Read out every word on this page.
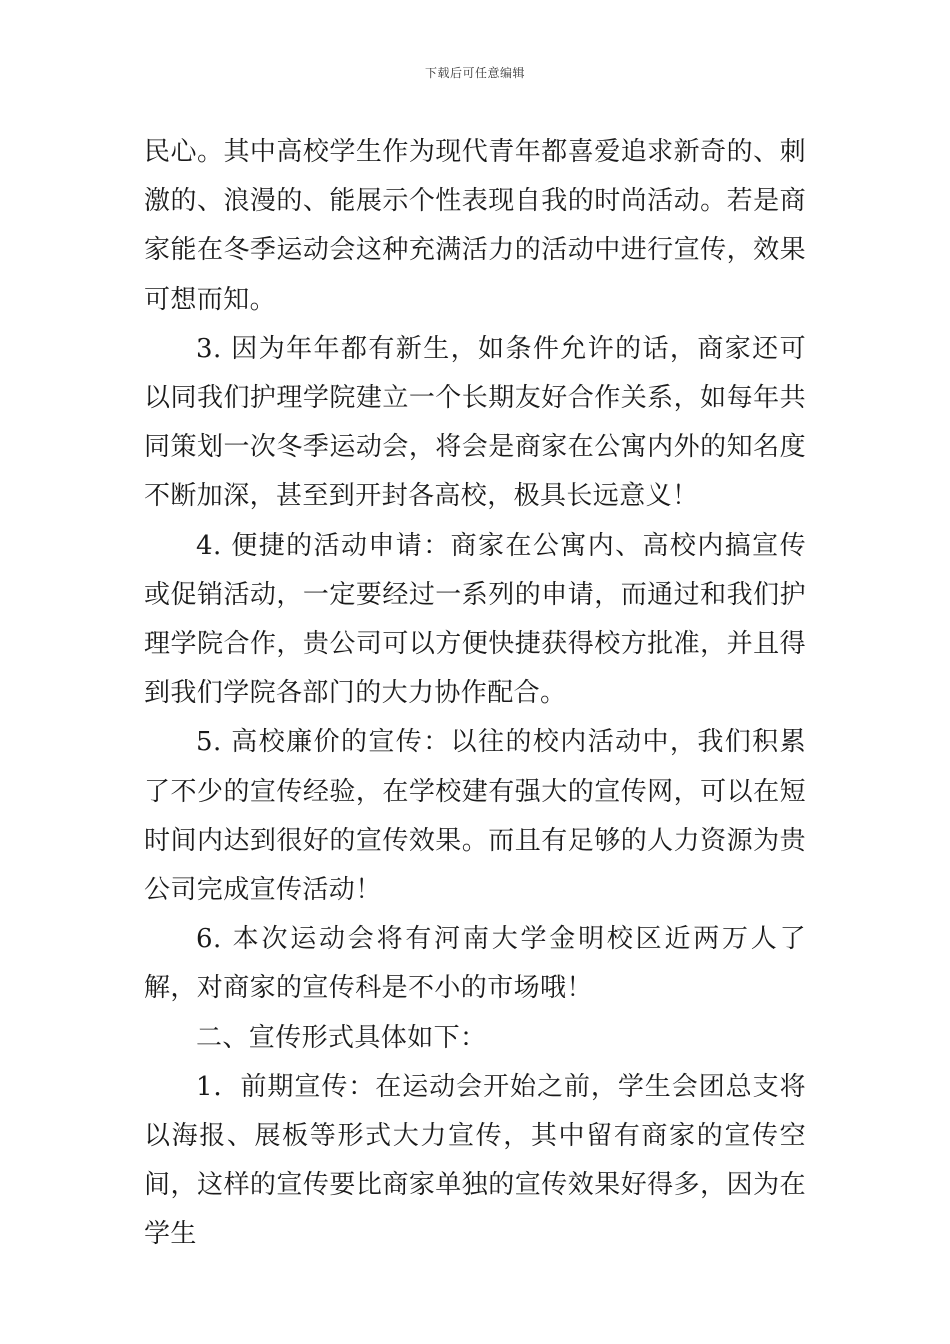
下载后可任意编辑

民心。其中高校学生作为现代青年都喜爱追求新奇的、刺激的、浪漫的、能展示个性表现自我的时尚活动。若是商家能在冬季运动会这种充满活力的活动中进行宣传，效果可想而知。

3. 因为年年都有新生，如条件允许的话，商家还可以同我们护理学院建立一个长期友好合作关系，如每年共同策划一次冬季运动会，将会是商家在公寓内外的知名度不断加深，甚至到开封各高校，极具长远意义！

4. 便捷的活动申请：商家在公寓内、高校内搞宣传或促销活动，一定要经过一系列的申请，而通过和我们护理学院合作，贵公司可以方便快捷获得校方批准，并且得到我们学院各部门的大力协作配合。

5. 高校廉价的宣传：以往的校内活动中，我们积累了不少的宣传经验，在学校建有强大的宣传网，可以在短时间内达到很好的宣传效果。而且有足够的人力资源为贵公司完成宣传活动！

6. 本次运动会将有河南大学金明校区近两万人了解，对商家的宣传科是不小的市场哦！

二、宣传形式具体如下：

1．前期宣传：在运动会开始之前，学生会团总支将以海报、展板等形式大力宣传，其中留有商家的宣传空间，这样的宣传要比商家单独的宣传效果好得多，因为在学生
